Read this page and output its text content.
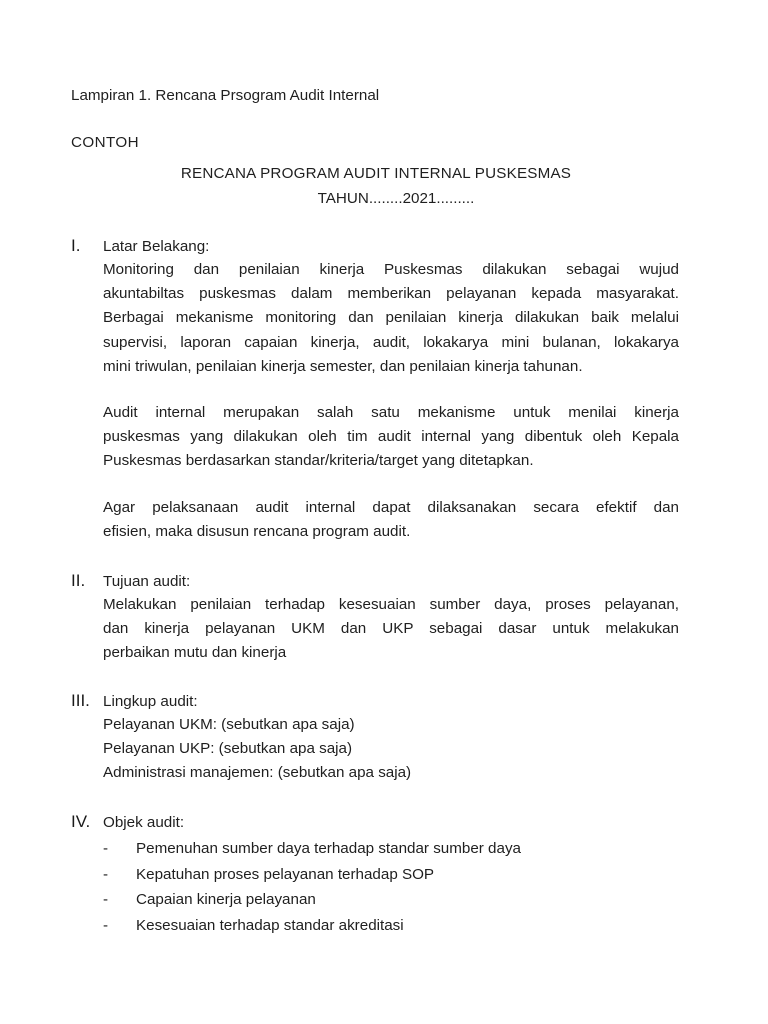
Lampiran 1. Rencana Prsogram Audit Internal
CONTOH
RENCANA PROGRAM AUDIT INTERNAL PUSKESMAS
TAHUN........2021.........
I. Latar Belakang:
Monitoring dan penilaian kinerja Puskesmas dilakukan sebagai wujud
akuntabiltas puskesmas dalam memberikan pelayanan kepada masyarakat.
Berbagai mekanisme monitoring dan penilaian kinerja dilakukan baik melalui
supervisi, laporan capaian kinerja, audit, lokakarya mini bulanan, lokakarya
mini triwulan, penilaian kinerja semester, dan penilaian kinerja tahunan.
Audit internal merupakan salah satu mekanisme untuk menilai kinerja
puskesmas yang dilakukan oleh tim audit internal yang dibentuk oleh Kepala
Puskesmas berdasarkan standar/kriteria/target yang ditetapkan.
Agar pelaksanaan audit internal dapat dilaksanakan secara efektif dan
efisien, maka disusun rencana program audit.
II. Tujuan audit:
Melakukan penilaian terhadap kesesuaian sumber daya, proses pelayanan,
dan kinerja pelayanan UKM dan UKP sebagai dasar untuk melakukan
perbaikan mutu dan kinerja
III. Lingkup audit:
Pelayanan UKM: (sebutkan apa saja)
Pelayanan UKP: (sebutkan apa saja)
Administrasi manajemen: (sebutkan apa saja)
IV. Objek audit:
-	Pemenuhan sumber daya terhadap standar sumber daya
-	Kepatuhan proses pelayanan terhadap SOP
-	Capaian kinerja pelayanan
-	Kesesuaian terhadap standar akreditasi
